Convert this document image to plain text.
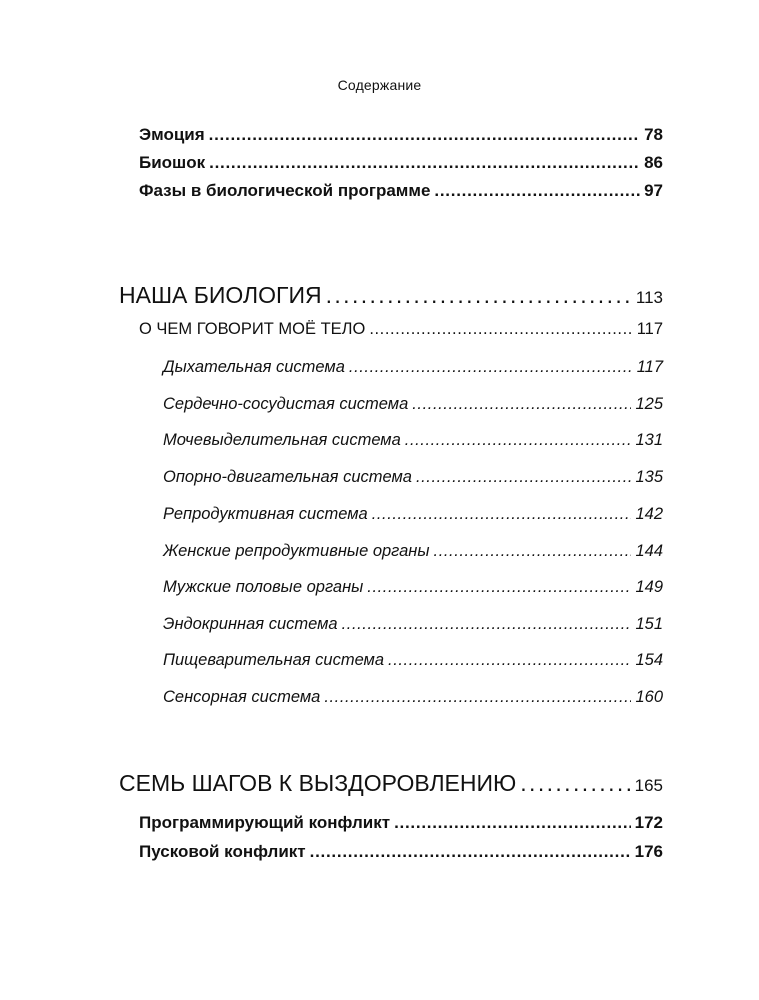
Содержание
Эмоция . . .	78
Биошок . . .	86
Фазы в биологической программе . . .	97
НАША БИОЛОГИЯ . . .	113
О ЧЕМ ГОВОРИТ МОЁ ТЕЛО . . .	117
Дыхательная система . . .	117
Сердечно-сосудистая система . . .	125
Мочевыделительная система . . .	131
Опорно-двигательная система . . .	135
Репродуктивная система . . .	142
Женские репродуктивные органы . . .	144
Мужские половые органы . . .	149
Эндокринная система . . .	151
Пищеварительная система . . .	154
Сенсорная система . . .	160
СЕМЬ ШАГОВ К ВЫЗДОРОВЛЕНИЮ . . .	165
Программирующий конфликт . . .	172
Пусковой конфликт . . .	176
